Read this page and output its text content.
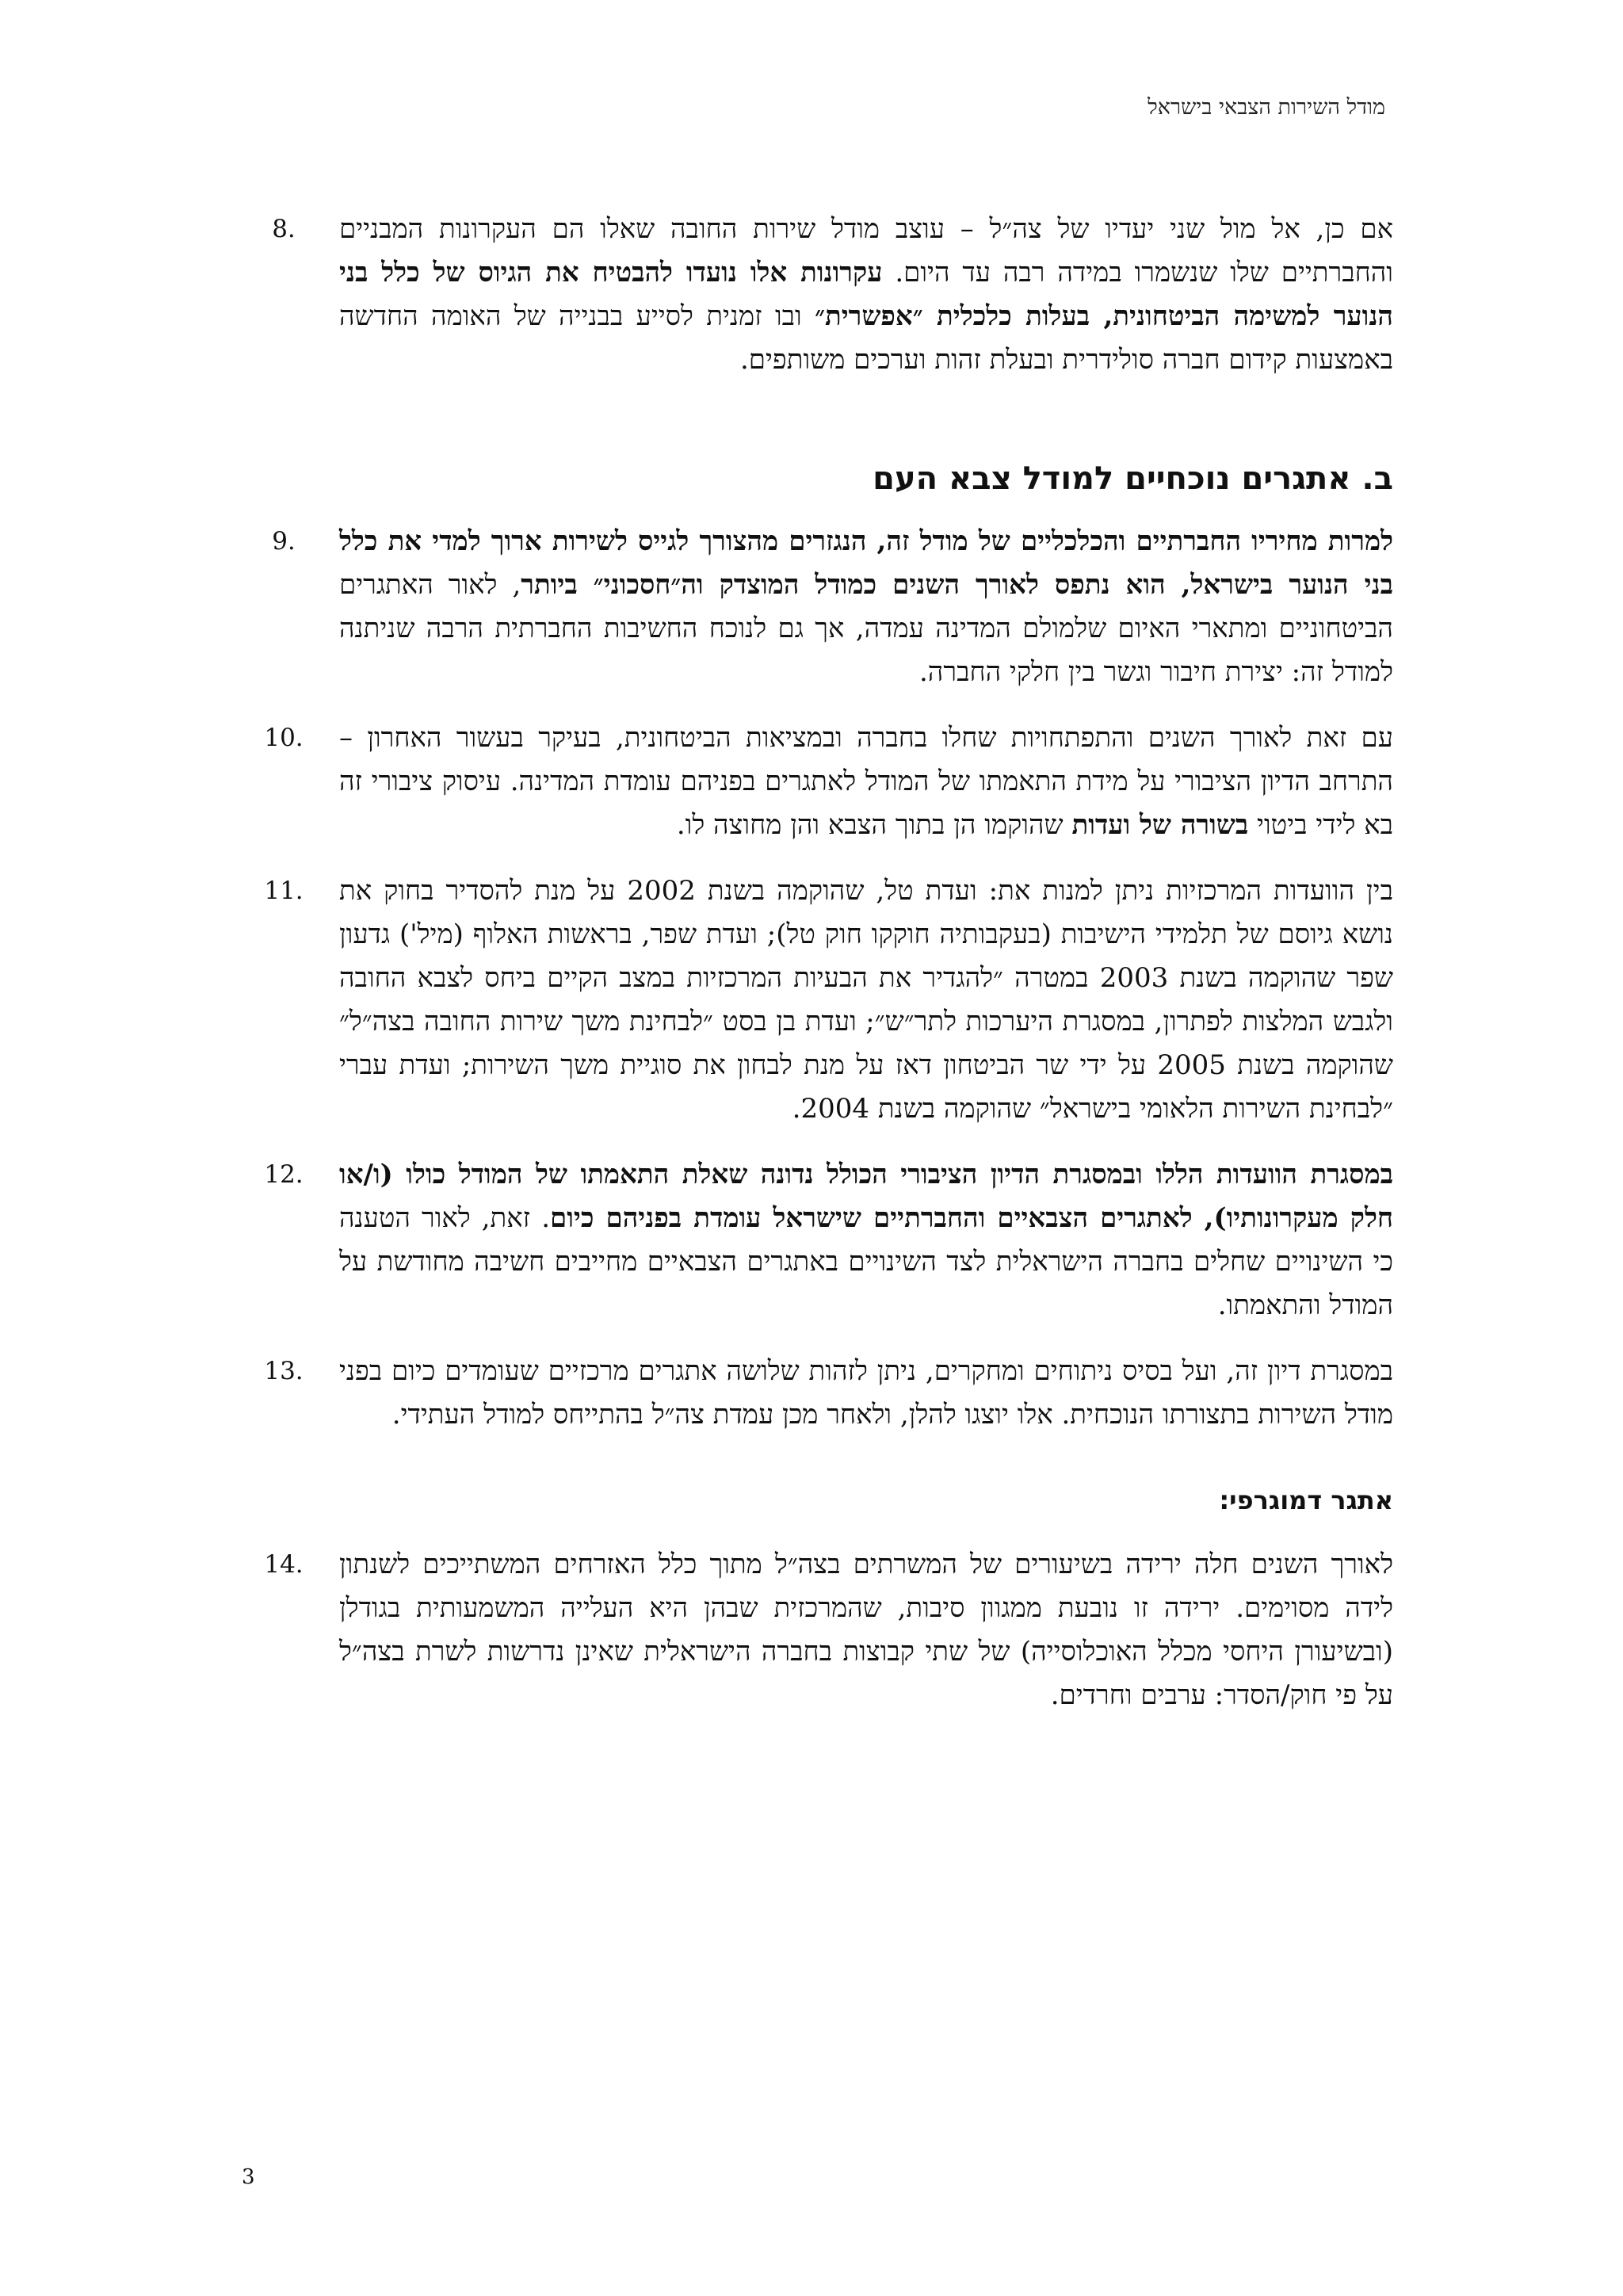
מודל השירות הצבאי בישראל
אם כן, אל מול שני יעדיו של צה״ל – עוצב מודל שירות החובה שאלו הם העקרונות המבניים והחברתיים שלו שנשמרו במידה רבה עד היום. עקרונות אלו נועדו להבטיח את הגיוס של כלל בני הנוער למשימה הביטחונית, בעלות כלכלית ״אפשרית״ ובו זמנית לסייע בבנייה של האומה החדשה באמצעות קידום חברה סולידרית ובעלת זהות וערכים משותפים.
8.
ב. אתגרים נוכחיים למודל צבא העם
למרות מחיריו החברתיים והכלכליים של מודל זה, הנגזרים מהצורך לגייס לשירות ארוך למדי את כלל בני הנוער בישראל, הוא נתפס לאורך השנים כמודל המוצדק וה״חסכוני״ ביותר, לאור האתגרים הביטחוניים ומתארי האיום שלמולם המדינה עמדה, אך גם לנוכח החשיבות החברתית הרבה שניתנה למודל זה: יצירת חיבור וגשר בין חלקי החברה.
9.
עם זאת לאורך השנים והתפתחויות שחלו בחברה ובמציאות הביטחונית, בעיקר בעשור האחרון – התרחב הדיון הציבורי על מידת התאמתו של המודל לאתגרים בפניהם עומדת המדינה. עיסוק ציבורי זה בא לידי ביטוי בשורה של ועדות שהוקמו הן בתוך הצבא והן מחוצה לו.
10.
בין הוועדות המרכזיות ניתן למנות את: ועדת טל, שהוקמה בשנת 2002 על מנת להסדיר בחוק את נושא גיוסם של תלמידי הישיבות (בעקבותיה חוקקו חוק טל); ועדת שפר, בראשות האלוף (מיל') גדעון שפר שהוקמה בשנת 2003 במטרה ״להגדיר את הבעיות המרכזיות במצב הקיים ביחס לצבא החובה ולגבש המלצות לפתרון, במסגרת היערכות לתר״ש״; ועדת בן בסט ״לבחינת משך שירות החובה בצה״ל״ שהוקמה בשנת 2005 על ידי שר הביטחון דאז על מנת לבחון את סוגיית משך השירות; ועדת עברי ״לבחינת השירות הלאומי בישראל״ שהוקמה בשנת 2004.
11.
במסגרת הוועדות הללו ובמסגרת הדיון הציבורי הכולל נדונה שאלת התאמתו של המודל כולו (ו/או חלק מעקרונותיו), לאתגרים הצבאיים והחברתיים שישראל עומדת בפניהם כיום. זאת, לאור הטענה כי השינויים שחלים בחברה הישראלית לצד השינויים באתגרים הצבאיים מחייבים חשיבה מחודשת על המודל והתאמתו.
12.
במסגרת דיון זה, ועל בסיס ניתוחים ומחקרים, ניתן לזהות שלושה אתגרים מרכזיים שעומדים כיום בפני מודל השירות בתצורתו הנוכחית. אלו יוצגו להלן, ולאחר מכן עמדת צה״ל בהתייחס למודל העתידי.
13.
אתגר דמוגרפי:
לאורך השנים חלה ירידה בשיעורים של המשרתים בצה״ל מתוך כלל האזרחים המשתייכים לשנתון לידה מסוימים. ירידה זו נובעת ממגוון סיבות, שהמרכזית שבהן היא העלייה המשמעותית בגודלן (ובשיעורן היחסי מכלל האוכלוסייה) של שתי קבוצות בחברה הישראלית שאינן נדרשות לשרת בצה״ל על פי חוק/הסדר: ערבים וחרדים.
14.
3
